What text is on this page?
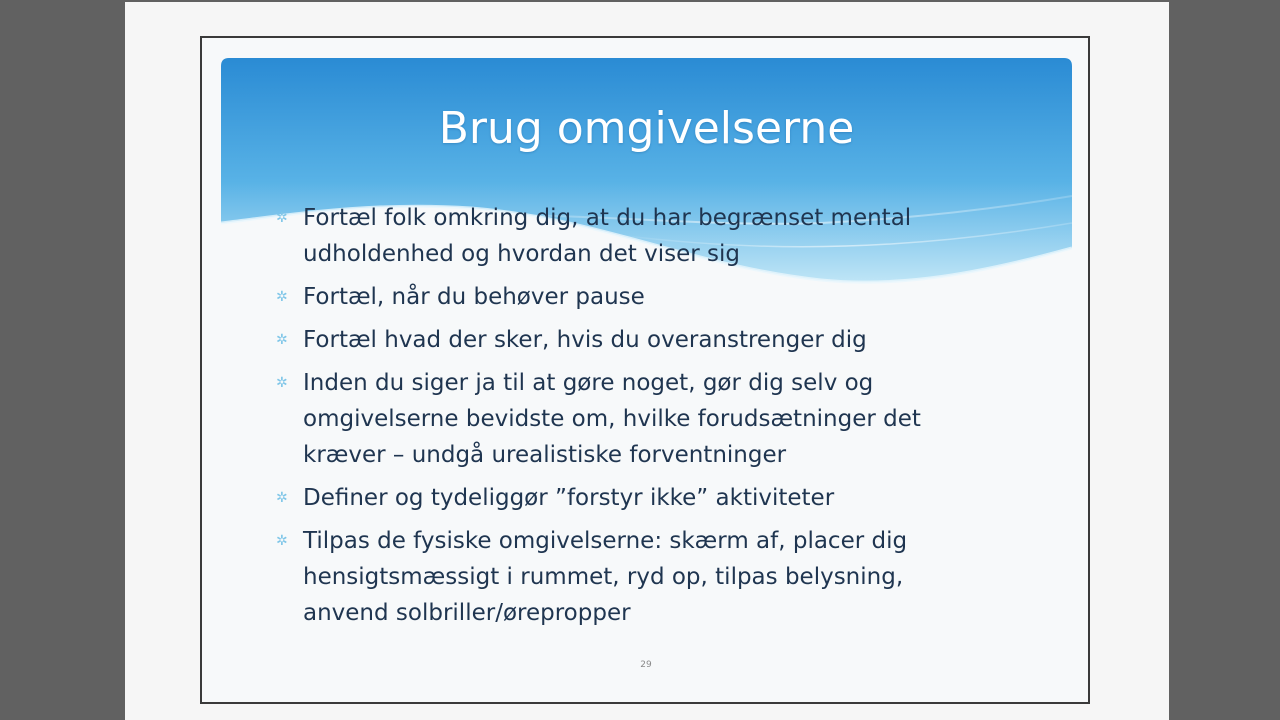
Brug omgivelserne
✲ Fortæl folk omkring dig, at du har begrænset mental
udholdenhed og hvordan det viser sig
✲ Fortæl, når du behøver pause
✲ Fortæl hvad der sker, hvis du overanstrenger dig
✲ Inden du siger ja til at gøre noget, gør dig selv og
omgivelserne bevidste om, hvilke forudsætninger det
kræver – undgå urealistiske forventninger
✲ Definer og tydeliggør ”forstyr ikke” aktiviteter
✲ Tilpas de fysiske omgivelserne: skærm af, placer dig
hensigtsmæssigt i rummet, ryd op, tilpas belysning,
anvend solbriller/ørepropper
29
